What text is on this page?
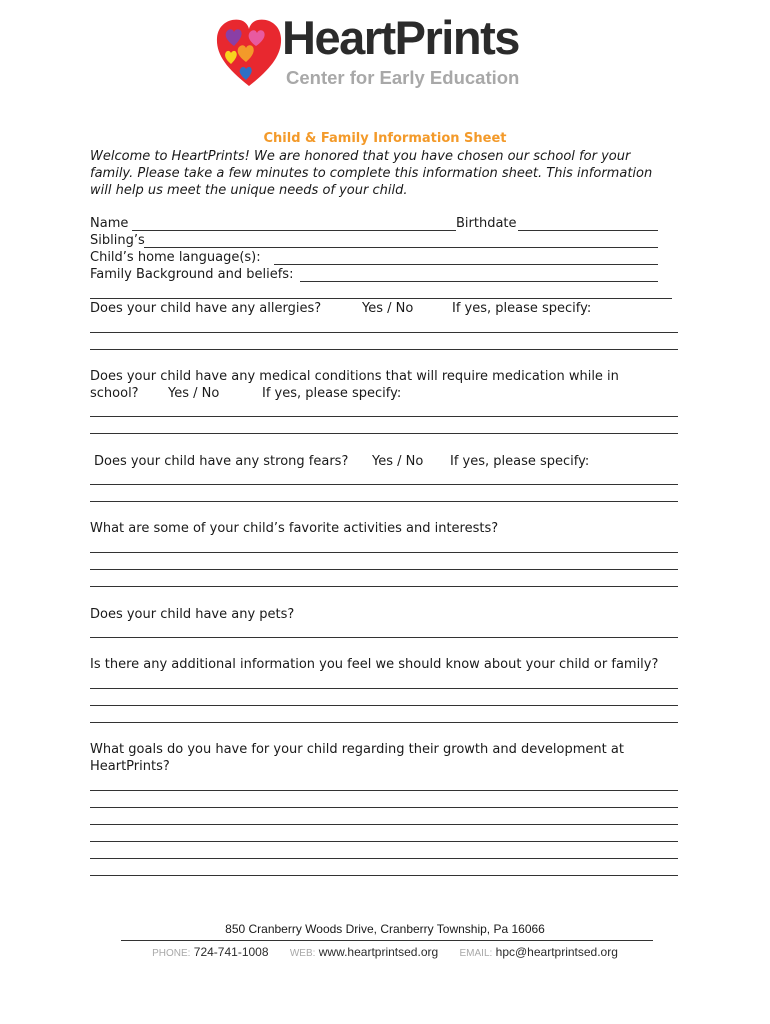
HeartPrints
Center for Early Education
Child & Family Information Sheet
Welcome to HeartPrints! We are honored that you have chosen our school for your
family. Please take a few minutes to complete this information sheet. This information
will help us meet the unique needs of your child.
Name	Birthdate
Sibling’s
Child’s home language(s):
Family Background and beliefs:
Does your child have any allergies?	Yes / No	If yes, please specify:
Does your child have any medical conditions that will require medication while in
school? Yes / No	If yes, please specify:
Does your child have any strong fears? Yes / No If yes, please specify:
What are some of your child’s favorite activities and interests?
Does your child have any pets?
Is there any additional information you feel we should know about your child or family?
What goals do you have for your child regarding their growth and development at
HeartPrints?
850 Cranberry Woods Drive, Cranberry Township, Pa 16066
PHONE: 724-741-1008 WEB: www.heartprintsed.org EMAIL: hpc@heartprintsed.org
